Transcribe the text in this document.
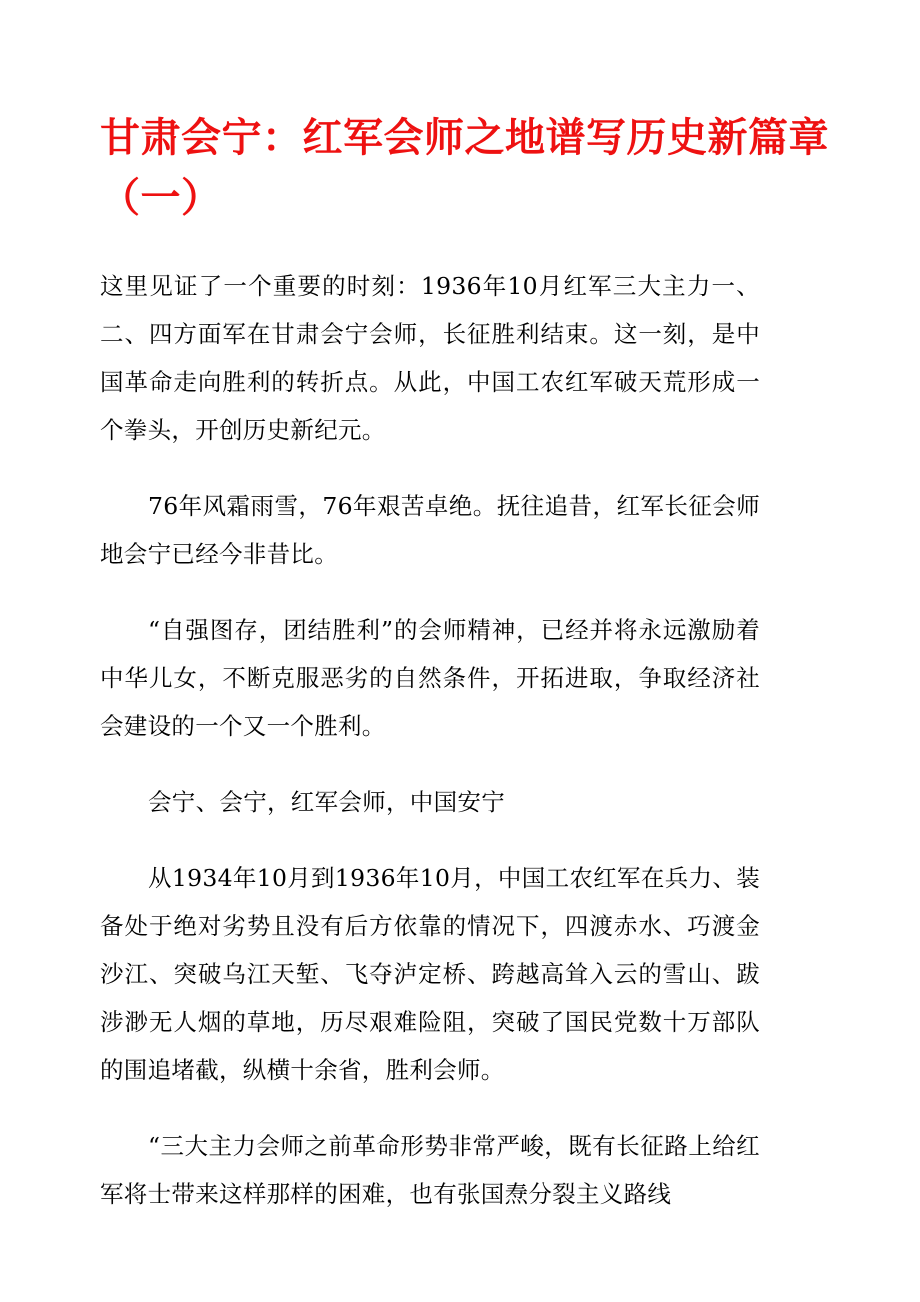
甘肃会宁：红军会师之地谱写历史新篇章
（一）

这里见证了一个重要的时刻：1936年10月红军三大主力一、二、四方面军在甘肃会宁会师，长征胜利结束。这一刻，是中国革命走向胜利的转折点。从此，中国工农红军破天荒形成一个拳头，开创历史新纪元。

76年风霜雨雪，76年艰苦卓绝。抚往追昔，红军长征会师地会宁已经今非昔比。

“自强图存，团结胜利”的会师精神，已经并将永远激励着中华儿女，不断克服恶劣的自然条件，开拓进取，争取经济社会建设的一个又一个胜利。

会宁、会宁，红军会师，中国安宁

从1934年10月到1936年10月，中国工农红军在兵力、装备处于绝对劣势且没有后方依靠的情况下，四渡赤水、巧渡金沙江、突破乌江天堑、飞夺泸定桥、跨越高耸入云的雪山、跋涉渺无人烟的草地，历尽艰难险阻，突破了国民党数十万部队的围追堵截，纵横十余省，胜利会师。

“三大主力会师之前革命形势非常严峻，既有长征路上给红军将士带来这样那样的困难，也有张国焘分裂主义路线
